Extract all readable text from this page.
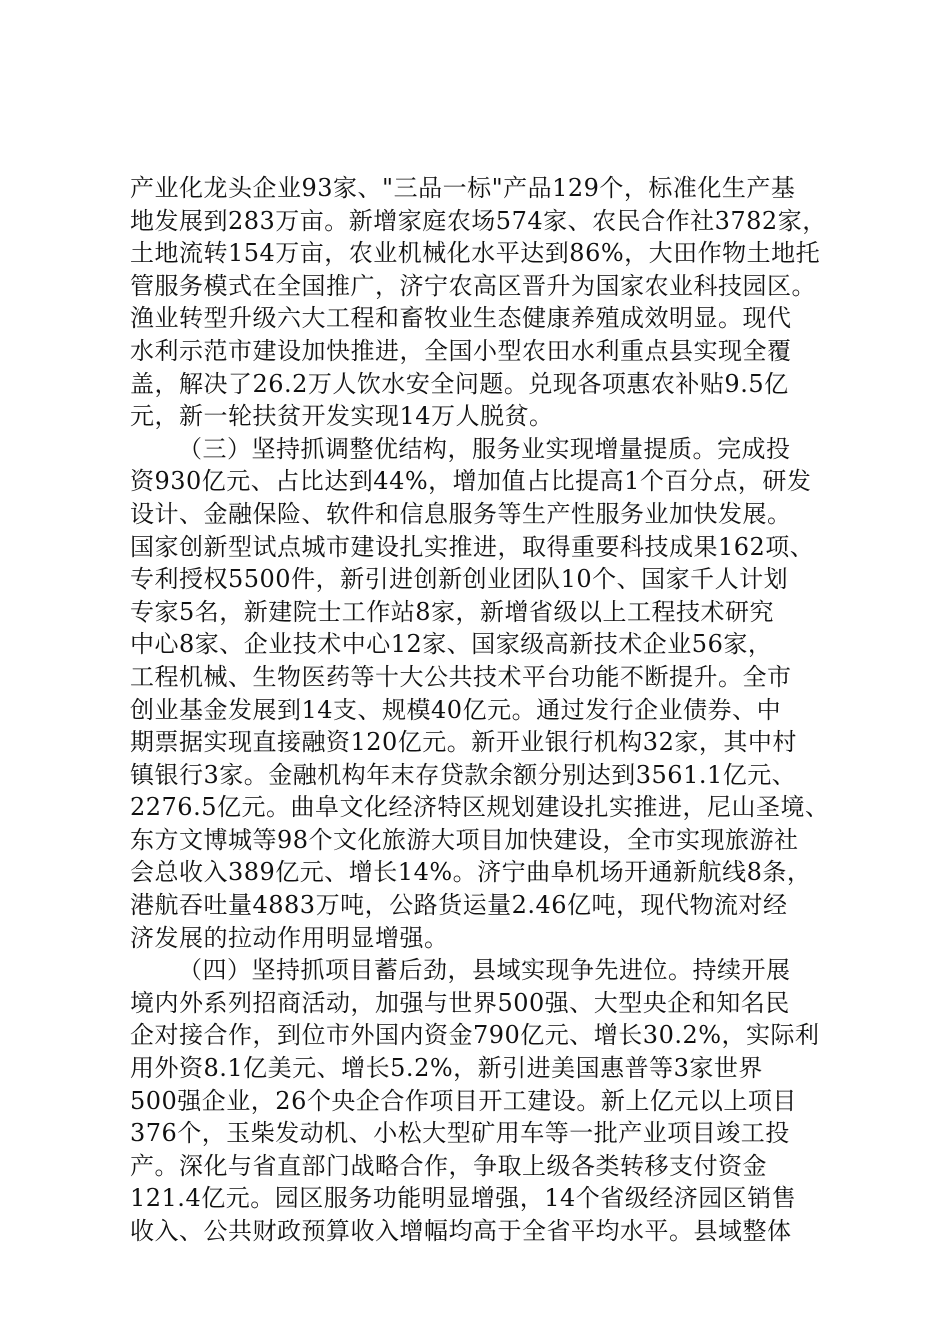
产业化龙头企业93家、"三品一标"产品129个，标准化生产基
地发展到283万亩。新增家庭农场574家、农民合作社3782家，
土地流转154万亩，农业机械化水平达到86%，大田作物土地托
管服务模式在全国推广，济宁农高区晋升为国家农业科技园区。
渔业转型升级六大工程和畜牧业生态健康养殖成效明显。现代
水利示范市建设加快推进，全国小型农田水利重点县实现全覆
盖，解决了26.2万人饮水安全问题。兑现各项惠农补贴9.5亿
元，新一轮扶贫开发实现14万人脱贫。
（三）坚持抓调整优结构，服务业实现增量提质。完成投
资930亿元、占比达到44%，增加值占比提高1个百分点，研发
设计、金融保险、软件和信息服务等生产性服务业加快发展。
国家创新型试点城市建设扎实推进，取得重要科技成果162项、
专利授权5500件，新引进创新创业团队10个、国家千人计划
专家5名，新建院士工作站8家，新增省级以上工程技术研究
中心8家、企业技术中心12家、国家级高新技术企业56家，
工程机械、生物医药等十大公共技术平台功能不断提升。全市
创业基金发展到14支、规模40亿元。通过发行企业债券、中
期票据实现直接融资120亿元。新开业银行机构32家，其中村
镇银行3家。金融机构年末存贷款余额分别达到3561.1亿元、
2276.5亿元。曲阜文化经济特区规划建设扎实推进，尼山圣境、
东方文博城等98个文化旅游大项目加快建设，全市实现旅游社
会总收入389亿元、增长14%。济宁曲阜机场开通新航线8条，
港航吞吐量4883万吨，公路货运量2.46亿吨，现代物流对经
济发展的拉动作用明显增强。
（四）坚持抓项目蓄后劲，县域实现争先进位。持续开展
境内外系列招商活动，加强与世界500强、大型央企和知名民
企对接合作，到位市外国内资金790亿元、增长30.2%，实际利
用外资8.1亿美元、增长5.2%，新引进美国惠普等3家世界
500强企业，26个央企合作项目开工建设。新上亿元以上项目
376个，玉柴发动机、小松大型矿用车等一批产业项目竣工投
产。深化与省直部门战略合作，争取上级各类转移支付资金
121.4亿元。园区服务功能明显增强，14个省级经济园区销售
收入、公共财政预算收入增幅均高于全省平均水平。县域整体
